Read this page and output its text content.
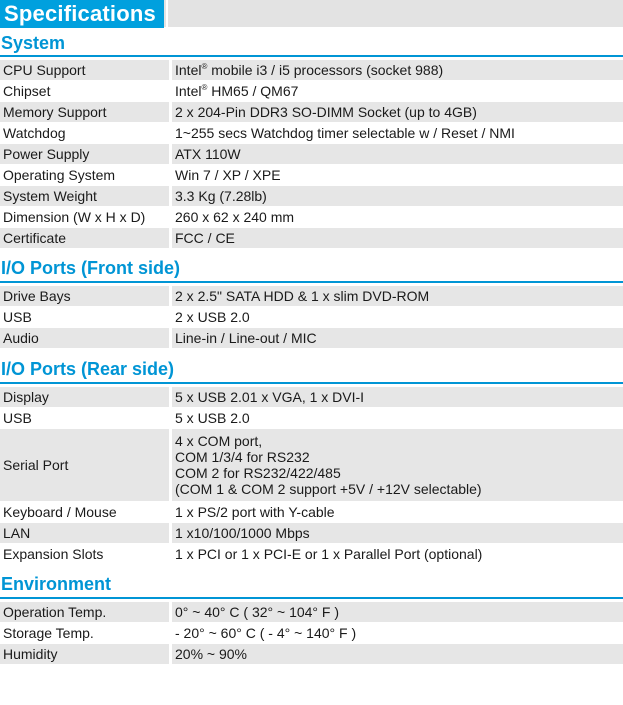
Specifications
System
CPU Support	Intel® mobile i3 / i5 processors (socket 988)
Chipset	Intel® HM65 / QM67
Memory Support	2 x 204-Pin DDR3 SO-DIMM Socket (up to 4GB)
Watchdog	1~255 secs Watchdog timer selectable w / Reset / NMI
Power Supply	ATX 110W
Operating System	Win 7 / XP / XPE
System Weight	3.3 Kg (7.28lb)
Dimension (W x H x D)	260 x 62 x 240 mm
Certificate	FCC / CE
I/O Ports (Front side)
Drive Bays	2 x 2.5" SATA HDD & 1 x slim DVD-ROM
USB	2 x USB 2.0
Audio	Line-in / Line-out / MIC
I/O Ports (Rear side)
Display	5 x USB 2.01 x VGA, 1 x DVI-I
USB	5 x USB 2.0
Serial Port	4 x COM port,
COM 1/3/4 for RS232
COM 2 for RS232/422/485
(COM 1 & COM 2 support +5V / +12V selectable)

Keyboard / Mouse	1 x PS/2 port with Y-cable
LAN	1 x10/100/1000 Mbps
Expansion Slots	1 x PCI or 1 x PCI-E or 1 x Parallel Port (optional)
Environment
Operation Temp.	0° ~ 40° C ( 32° ~ 104° F )
Storage Temp.	- 20° ~ 60° C ( - 4° ~ 140° F )
Humidity	20% ~ 90%
